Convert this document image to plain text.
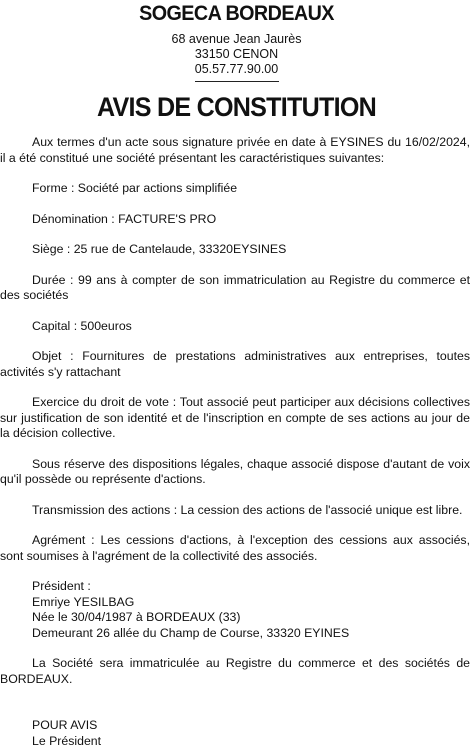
SOGECA BORDEAUX
68 avenue Jean Jaurès
33150 CENON
05.57.77.90.00
AVIS DE CONSTITUTION

Aux termes d'un acte sous signature privée en date à EYSINES du 16/02/2024, il a été constitué une société présentant les caractéristiques suivantes:

Forme : Société par actions simplifiée

Dénomination : FACTURE'S PRO

Siège : 25 rue de Cantelaude, 33320EYSINES

Durée : 99 ans à compter de son immatriculation au Registre du commerce et des sociétés

Capital : 500euros

Objet : Fournitures de prestations administratives aux entreprises, toutes activités s'y rattachant

Exercice du droit de vote : Tout associé peut participer aux décisions collectives sur justification de son identité et de l'inscription en compte de ses actions au jour de la décision collective.

Sous réserve des dispositions légales, chaque associé dispose d'autant de voix qu'il possède ou représente d'actions.

Transmission des actions : La cession des actions de l'associé unique est libre.

Agrément : Les cessions d'actions, à l'exception des cessions aux associés, sont soumises à l'agrément de la collectivité des associés.

Président :

Emriye YESILBAG

Née le 30/04/1987 à BORDEAUX (33)

Demeurant 26 allée du Champ de Course, 33320 EYINES

La Société sera immatriculée au Registre du commerce et des sociétés de BORDEAUX.

POUR AVIS

Le Président
